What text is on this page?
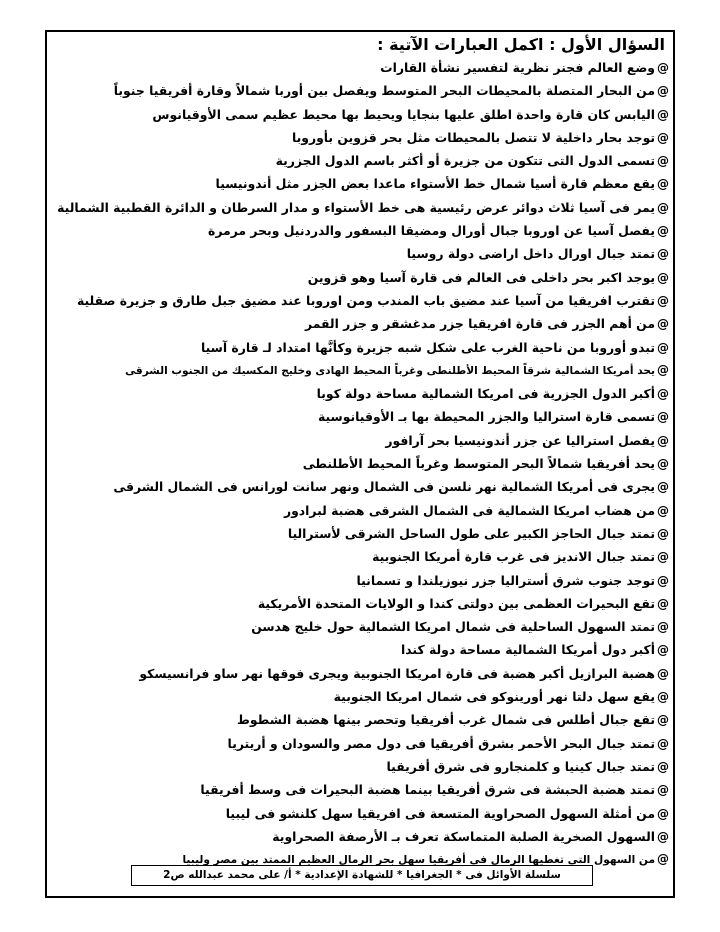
السؤال الأول : اكمل العبارات الآتية :
@وضع العالم فجنر نظرية لتفسير نشأة القارات
@من البحار المتصلة بالمحيطات البحر المتوسط ويفصل بين أوربا شمالاً وقارة أفريقيا جنوباً
@اليابس كان قارة واحدة اطلق عليها بنجايا ويحيط بها محيط عظيم سمى الأوقيانوس
@توجد بحار داخلية لا تتصل بالمحيطات مثل بحر قزوين بأوروبا
@تسمى الدول التى تتكون من جزيرة أو أكثر باسم الدول الجزرية
@يقع معظم قارة أسيا شمال خط الأستواء ماعدا بعض الجزر مثل أندونيسيا
@يمر فى آسيا ثلاث دوائر عرض رئيسية هى خط الأستواء و مدار السرطان و الدائرة القطبية الشمالية
@يفصل آسيا عن اوروبا جبال أورال ومضيقا البسفور والدردنيل وبحر مرمرة
@تمتد جبال اورال داخل اراضى دولة روسيا
@يوجد اكبر بحر داخلى فى العالم فى قارة آسيا وهو قزوين
@تقترب افريقيا من آسيا عند مضيق باب المندب ومن اوروبا عند مضيق جبل طارق و جزيرة صقلية
@من أهم الجزر فى قارة افريقيا جزر مدغشقر و جزر القمر
@تبدو أوروبا من ناحية الغرب على شكل شبه جزيرة وكأنَّها امتداد لـ قارة آسيا
@يحد أمريكا الشمالية شرقاً المحيط الأطلنطى وغرباً المحيط الهادى وخليج المكسيك من الجنوب الشرقى
@أكبر الدول الجزرية فى امريكا الشمالية مساحة دولة كوبا
@تسمى قارة استراليا والجزر المحيطة بها بـ الأوقيانوسية
@يفصل استراليا عن جزر أندونيسيا بحر آرافور
@يحد أفريقيا شمالاً البحر المتوسط وغرباً المحيط الأطلنطى
@يجرى فى أمريكا الشمالية نهر نلسن فى الشمال ونهر سانت لورانس فى الشمال الشرقى
@من هضاب امريكا الشمالية فى الشمال الشرقى هضبة لبرادور
@تمتد جبال الحاجز الكبير على طول الساحل الشرقى لأستراليا
@تمتد جبال الانديز فى غرب قارة أمريكا الجنوبية
@توجد جنوب شرق أستراليا جزر نيوزيلندا و تسمانيا
@تقع البحيرات العظمى بين دولتى كندا و الولايات المتحدة الأمريكية
@تمتد السهول الساحلية فى شمال امريكا الشمالية حول خليج هدسن
@أكبر دول أمريكا الشمالية مساحة دولة كندا
@هضبة البرازيل أكبر هضبة فى قارة امريكا الجنوبية ويجرى فوقها نهر ساو فرانسيسكو
@يقع سهل دلتا نهر أورينوكو فى شمال امريكا الجنوبية
@تقع جبال أطلس فى شمال غرب أفريقيا وتحصر بينها هضبة الشطوط
@تمتد جبال البحر الأحمر بشرق أفريقيا فى دول مصر والسودان و أريتريا
@تمتد جبال كينيا و كلمنجارو فى شرق أفريقيا
@تمتد هضبة الحبشة فى شرق أفريقيا بينما هضبة البحيرات فى وسط أفريقيا
@من أمثلة السهول الصحراوية المتسعة فى افريقيا سهل كلنشو فى ليبيا
@السهول الصخرية الصلبة المتماسكة تعرف بـ الأرصفة الصحراوية
@من السهول التى تغطيها الرمال فى أفريقيا سهل بحر الرمال العظيم الممتد بين مصر وليبيا
سلسلة الأوائل فى * الجغرافيا * للشهادة الإعدادية * أ/ على محمد عبدالله ص2
